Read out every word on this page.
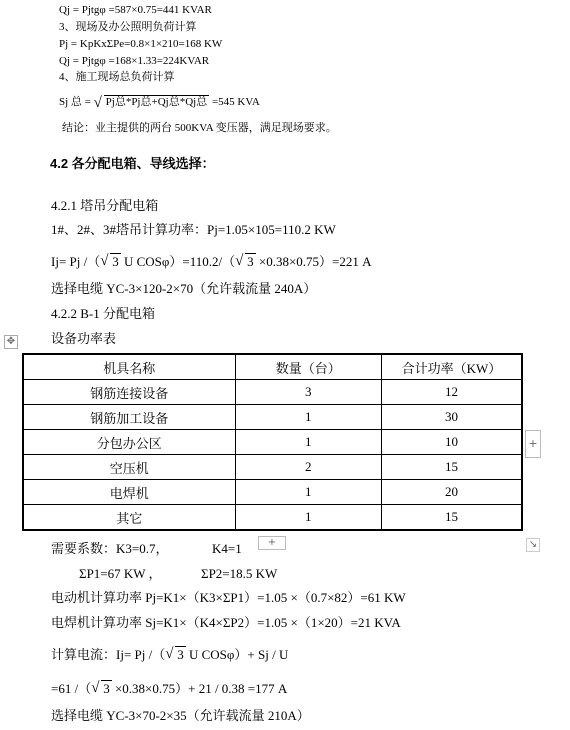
Qj = Pjtgφ =587×0.75=441 KVAR
3、现场及办公照明负荷计算
Pj = KpKxΣPe=0.8×1×210=168 KW
Qj = Pjtgφ =168×1.33=224KVAR
4、施工现场总负荷计算
Sj 总 = √ Pj总*Pj总+Qj总*Qj总 =545 KVA
结论：业主提供的两台 500KVA 变压器，满足现场要求。
4.2 各分配电箱、导线选择：
4.2.1 塔吊分配电箱
1#、2#、3#塔吊计算功率：Pj=1.05×105=110.2 KW
Ij= Pj /（ √ 3 U COSφ）=110.2/（ √ 3 ×0.38×0.75）=221 A
选择电缆 YC-3×120-2×70（允许载流量 240A）
4.2.2 B-1 分配电箱
设备功率表
✥
机具名称	数量（台）	合计功率（KW）
钢筋连接设备	3	12
钢筋加工设备	1	30
分包办公区	1	10
空压机	2	15
电焊机	1	20
其它	1	15
+
+	↘
需要系数：K3=0.7，	K4=1
ΣP1=67 KW ，	ΣP2=18.5 KW
电动机计算功率 Pj=K1×（K3×ΣP1）=1.05 ×（0.7×82）=61 KW
电焊机计算功率 Sj=K1×（K4×ΣP2）=1.05 ×（1×20）=21 KVA
计算电流：Ij= Pj /（ √ 3 U COSφ）+ Sj / U
=61 /（ √ 3 ×0.38×0.75）+ 21 / 0.38 =177 A
选择电缆 YC-3×70-2×35（允许载流量 210A）
